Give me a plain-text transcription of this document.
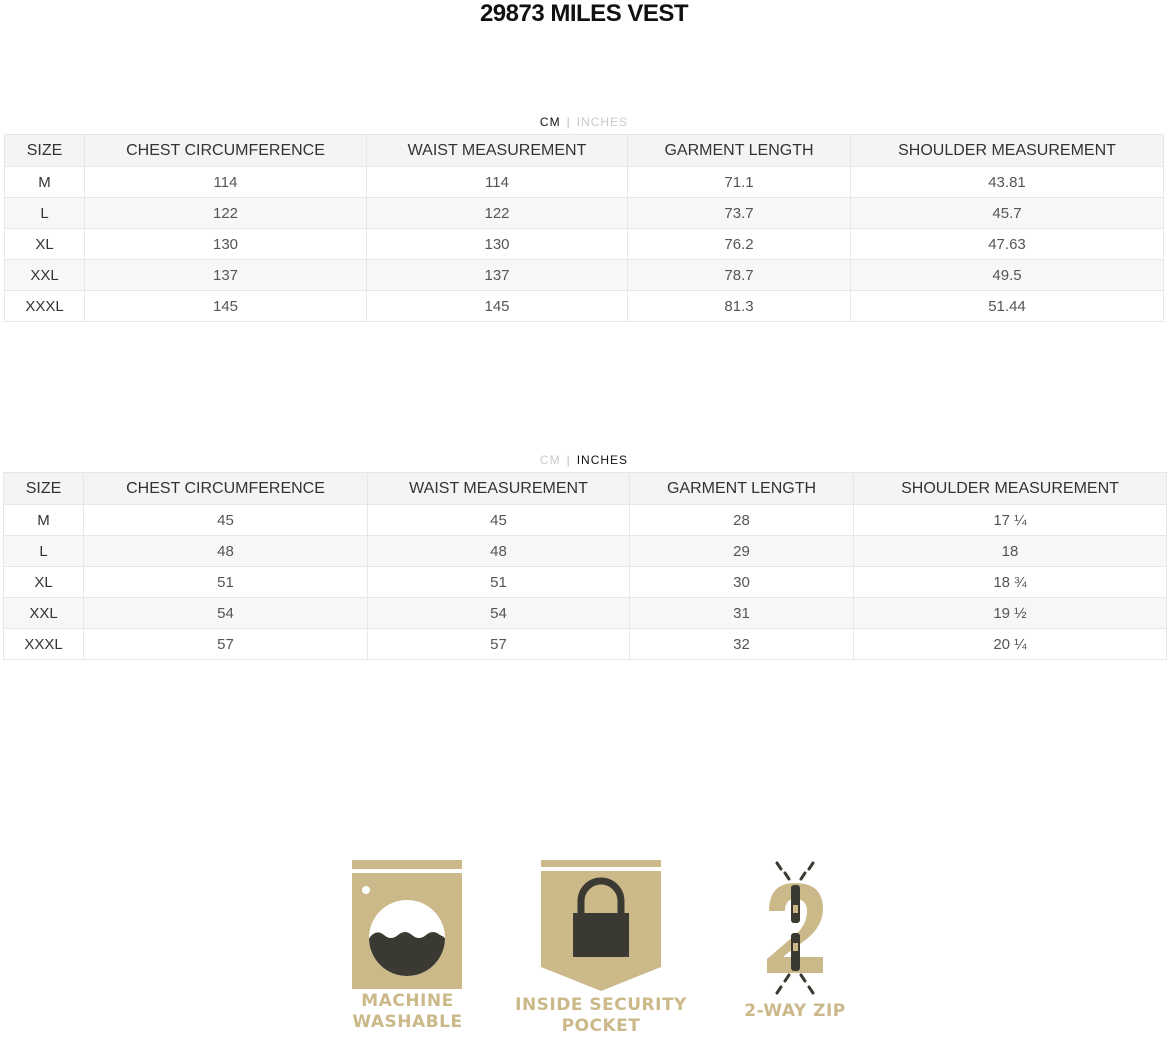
29873 MILES VEST
CM | INCHES
SIZE	CHEST CIRCUMFERENCE	WAIST MEASUREMENT	GARMENT LENGTH	SHOULDER MEASUREMENT
M	114	114	71.1	43.81
L	122	122	73.7	45.7
XL	130	130	76.2	47.63
XXL	137	137	78.7	49.5
XXXL	145	145	81.3	51.44
CM | INCHES
SIZE	CHEST CIRCUMFERENCE	WAIST MEASUREMENT	GARMENT LENGTH	SHOULDER MEASUREMENT
M	45	45	28	17 ¼
L	48	48	29	18
XL	51	51	30	18 ¾
XXL	54	54	31	19 ½
XXXL	57	57	32	20 ¼
MACHINE
WASHABLE
INSIDE SECURITY
POCKET
2-WAY ZIP
